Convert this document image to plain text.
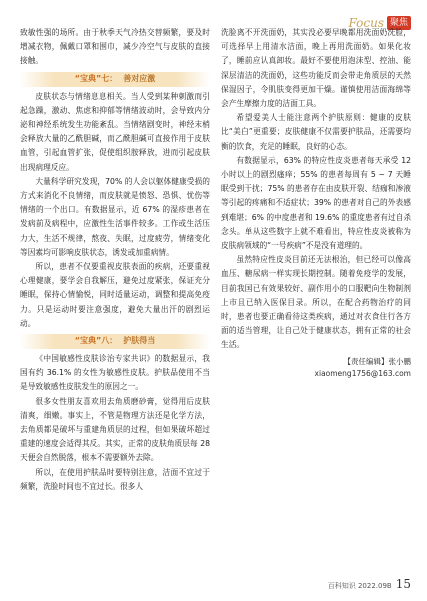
Focus 聚焦

致敏性强的场所。由于秋季天气冷热交替频繁，要及时增减衣物，佩戴口罩和围巾，减少冷空气与皮肤的直接接触。

“宝典”七： 善对应激

皮肤状态与情绪息息相关。当人受到某种刺激而引起急躁，激动、焦虑和抑郁等情绪波动时，会导致内分泌和神经系统发生功能紊乱。当情绪剧变时，神经末梢会释放大量的乙酰胆碱，而乙酰胆碱可直接作用于皮肤血管，引起血管扩张，促使组织胺释放，进而引起皮肤出现病理反应。

大量科学研究发现，70% 的人会以躯体健康受损的方式来消化不良情绪，而皮肤就是愤怒、恐惧、忧伤等情绪的一个出口。有数据显示，近 67% 的湿疹患者在发病前及病程中，应激性生活事件较多。工作或生活压力大，生活不规律，熬夜、失眠，过度疲劳，情绪变化等因素均可影响皮肤状态，诱发或加重病情。

所以，患者不仅要重视皮肤表面的疾病，还要重视心理健康，要学会自我解压，避免过度紧张，保证充分睡眠，保持心情愉悦，同时适量运动，调整和提高免疫力。只是运动时要注意强度，避免大量出汗的剧烈运动。

“宝典”八： 护肤得当

《中国敏感性皮肤诊治专家共识》的数据显示，我国有约 36.1% 的女性为敏感性皮肤。护肤品使用不当是导致敏感性皮肤发生的原因之一。

很多女性朋友喜欢用去角质磨砂膏，觉得用后皮肤清爽，细嫩。事实上，不管是物理方法还是化学方法，去角质都是破坏与重建角质层的过程，但如果破坏超过重建的速度会适得其反。其实，正常的皮肤角质层每 28 天便会自然脱落，根本不需要额外去除。

所以，在使用护肤品时要特别注意，洁面不宜过于频繁，洗脸时间也不宜过长。很多人

洗脸离不开洗面奶，其实没必要早晚都用洗面奶洗脸，可选择早上用清水洁面，晚上再用洗面奶。如果化妆了，睡前应认真卸妆。最好不要使用泡沫型、控油、能深层清洁的洗面奶，这些功能反而会带走角质层的天然保湿因子，令肌肤变得更加干燥。谨慎使用洁面海绵等会产生摩擦力度的洁面工具。

希望爱美人士能注意两个护肤原则：健康的皮肤比“美白”更重要；皮肤健康不仅需要护肤品，还需要均衡的饮食，充足的睡眠，良好的心态。

有数据显示，63% 的特应性皮炎患者每天承受 12 小时以上的剧烈瘙痒；55% 的患者每周有 5 ~ 7 天睡眠受到干扰；75% 的患者存在由皮肤开裂、结痂和渗液等引起的疼痛和不适症状；39% 的患者对自己的外表感到难堪；6% 的中度患者和 19.6% 的重度患者有过自杀念头。单从这些数字上就不难看出，特应性皮炎被称为皮肤病领域的“一号疾病”不是没有道理的。

虽然特应性皮炎目前还无法根治，但已经可以像高血压、糖尿病一样实现长期控制。随着免疫学的发展，目前我国已有效果较好、副作用小的口服靶向生物制剂上市且已纳入医保目录。所以，在配合药物治疗的同时，患者也要正确看待这类疾病，通过对衣食住行各方面的适当管理，让自己处于健康状态，拥有正常的社会生活。

【责任编辑】张小鹏
xiaomeng1756@163.com
百科知识 2022.09B 15
